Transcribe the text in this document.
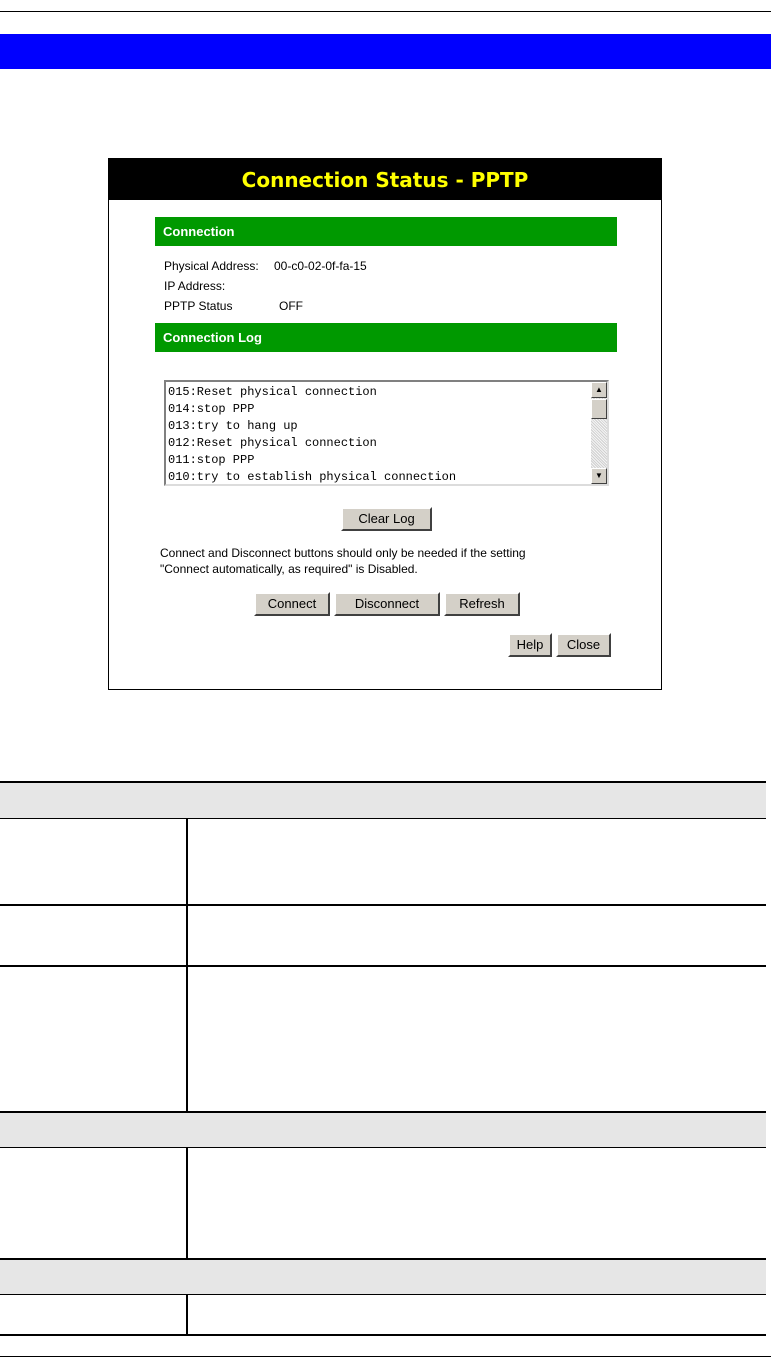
Connection Status - PPTP
Connection
Physical Address: 00-c0-02-0f-fa-15
IP Address:
PPTP Status	OFF
Connection Log
015:Reset physical connection
014:stop PPP
013:try to hang up
012:Reset physical connection
011:stop PPP
010:try to establish physical connection
▲
▼
Clear Log
Connect and Disconnect buttons should only be needed if the setting
"Connect automatically, as required" is Disabled.
Connect	Disconnect	Refresh
Help	Close
